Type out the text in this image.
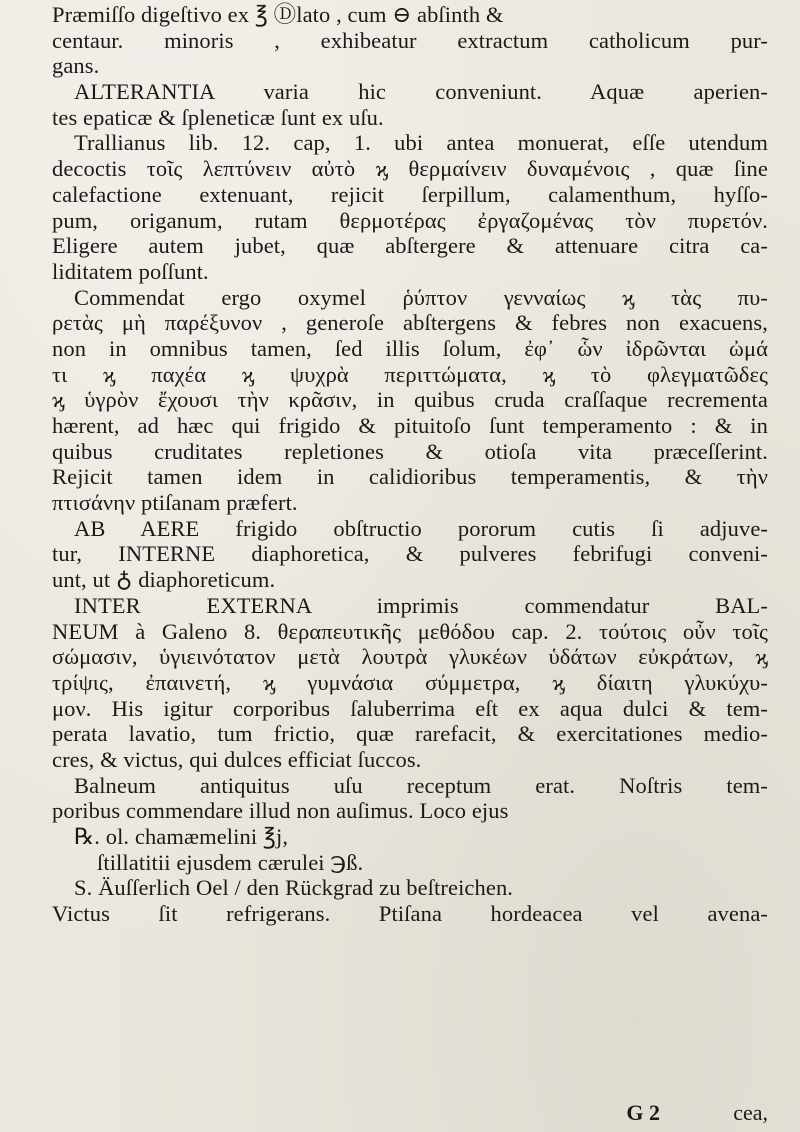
Præmiſſo digeſtivo ex ℥ Ⓓlato , cum ⊖ abſinth &
centaur. minoris , exhibeatur extractum catholicum pur-
gans.
ALTERANTIA varia hic conveniunt. Aquæ aperien-
tes epaticæ & ſpleneticæ ſunt ex uſu.
Trallianus lib. 12. cap, 1. ubi antea monuerat, eſſe utendum
decoctis τοῖς λεπτύνειν αὐτὸ ϗ θερμαίνειν δυναμένοις , quæ ſine
calefactione extenuant, rejicit ſerpillum, calamenthum, hyſſo-
pum, origanum, rutam θερμοτέρας ἐργαζομένας τὸν πυρετόν.
Eligere autem jubet, quæ abſtergere & attenuare citra ca-
liditatem poſſunt.
Commendat ergo oxymel ῥύπτον γενναίως ϗ τὰς πυ-
ρετὰς μὴ παρέξυνον , generoſe abſtergens & febres non exacuens,
non in omnibus tamen, ſed illis ſolum, ἐφ᾽ ὧν ἰδρῶνται ὠμά
τι ϗ παχέα ϗ ψυχρὰ περιττώματα, ϗ τὸ φλεγματῶδες
ϗ ὑγρὸν ἔχουσι τὴν κρᾶσιν, in quibus cruda craſſaque recrementa
hærent, ad hæc qui frigido & pituitoſo ſunt temperamento : & in
quibus cruditates repletiones & otioſa vita præceſſerint.
Rejicit tamen idem in calidioribus temperamentis, & τὴν
πτισάνην ptiſanam præfert.
AB AERE frigido obſtructio pororum cutis ſi adjuve-
tur, INTERNE diaphoretica, & pulveres febrifugi conveni-
unt, ut ♁ diaphoreticum.
INTER EXTERNA imprimis commendatur BAL-
NEUM à Galeno 8. θεραπευτικῆς μεθόδου cap. 2. τούτοις οὖν τοῖς
σώμασιν, ὑγιεινότατον μετὰ λουτρὰ γλυκέων ὑδάτων εὐκράτων, ϗ
τρίψις, ἐπαινετή, ϗ γυμνάσια σύμμετρα, ϗ δίαιτη γλυκύχυ-
μον. His igitur corporibus ſaluberrima eſt ex aqua dulci & tem-
perata lavatio, tum frictio, quæ rarefacit, & exercitationes medio-
cres, & victus, qui dulces efficiat ſuccos.
Balneum antiquitus uſu receptum erat. Noſtris tem-
poribus commendare illud non auſimus. Loco ejus
℞. ol. chamæmelini ℥j,
ſtillatitii ejusdem cærulei ℈ß.
S. Äuſſerlich Oel / den Rückgrad zu beſtreichen.
Victus ſit refrigerans. Ptiſana hordeacea vel avena-
G 2	cea,
